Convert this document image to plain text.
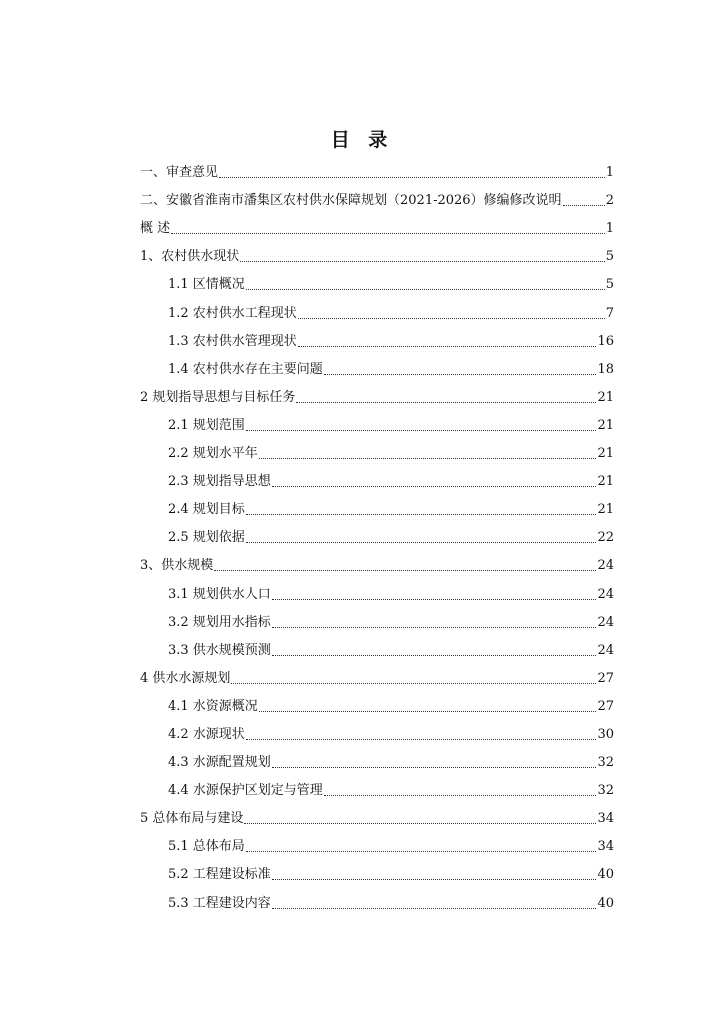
目 录
一、审查意见	1
二、安徽省淮南市潘集区农村供水保障规划（2021-2026）修编修改说明	2
概 述	1
1、农村供水现状	5
1.1 区情概况	5
1.2 农村供水工程现状	7
1.3 农村供水管理现状	16
1.4 农村供水存在主要问题	18
2 规划指导思想与目标任务	21
2.1 规划范围	21
2.2 规划水平年	21
2.3 规划指导思想	21
2.4 规划目标	21
2.5 规划依据	22
3、供水规模	24
3.1 规划供水人口	24
3.2 规划用水指标	24
3.3 供水规模预测	24
4 供水水源规划	27
4.1 水资源概况	27
4.2 水源现状	30
4.3 水源配置规划	32
4.4 水源保护区划定与管理	32
5 总体布局与建设	34
5.1 总体布局	34
5.2 工程建设标准	40
5.3 工程建设内容	40
